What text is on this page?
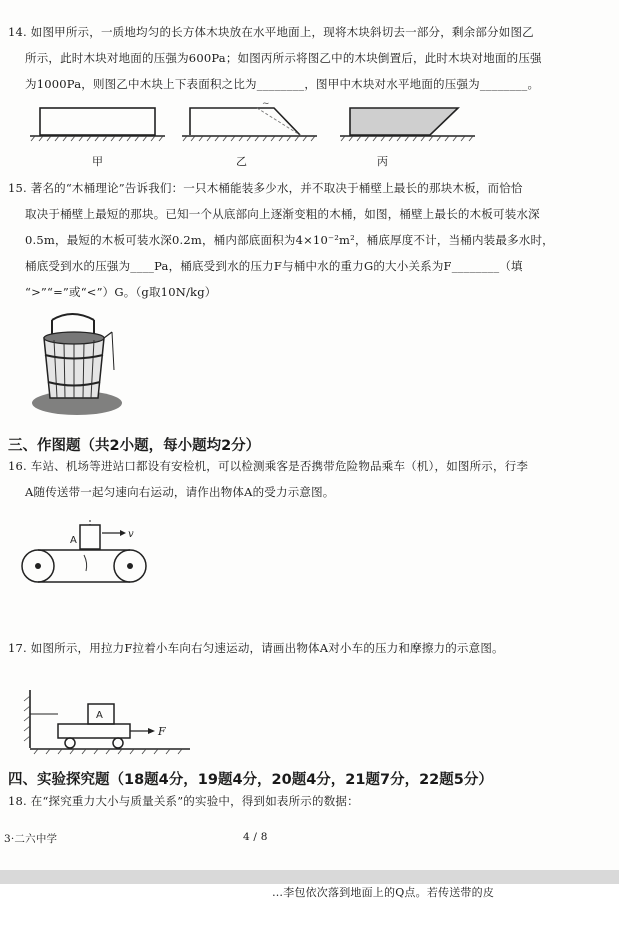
14. 如图甲所示，一质地均匀的长方体木块放在水平地面上，现将木块斜切去一部分，剩余部分如图乙
所示，此时木块对地面的压强为600Pa；如图丙所示将图乙中的木块倒置后，此时木块对地面的压强
为1000Pa，则图乙中木块上下表面积之比为________，图甲中木块对水平地面的压强为________。
甲
~
乙	丙
15. 著名的“木桶理论”告诉我们：一只木桶能装多少水，并不取决于桶壁上最长的那块木板，而恰恰
取决于桶壁上最短的那块。已知一个从底部向上逐渐变粗的木桶，如图，桶壁上最长的木板可装水深
0.5m，最短的木板可装水深0.2m，桶内部底面积为4×10⁻²m²，桶底厚度不计，当桶内装最多水时，
桶底受到水的压强为____Pa，桶底受到水的压力F与桶中水的重力G的大小关系为F________（填
“>”“=”或“<”）G。（g取10N/kg）
三、作图题（共2小题，每小题均2分）
16. 车站、机场等进站口都设有安检机，可以检测乘客是否携带危险物品乘车（机），如图所示，行李
A随传送带一起匀速向右运动，请作出物体A的受力示意图。
A
v
17. 如图所示，用拉力F拉着小车向右匀速运动，请画出物体A对小车的压力和摩擦力的示意图。
A
F
四、实验探究题（18题4分，19题4分，20题4分，21题7分，22题5分）
18. 在“探究重力大小与质量关系”的实验中，得到如表所示的数据：
3·二六中学	4 / 8
…李包依次落到地面上的Q点。若传送带的皮
